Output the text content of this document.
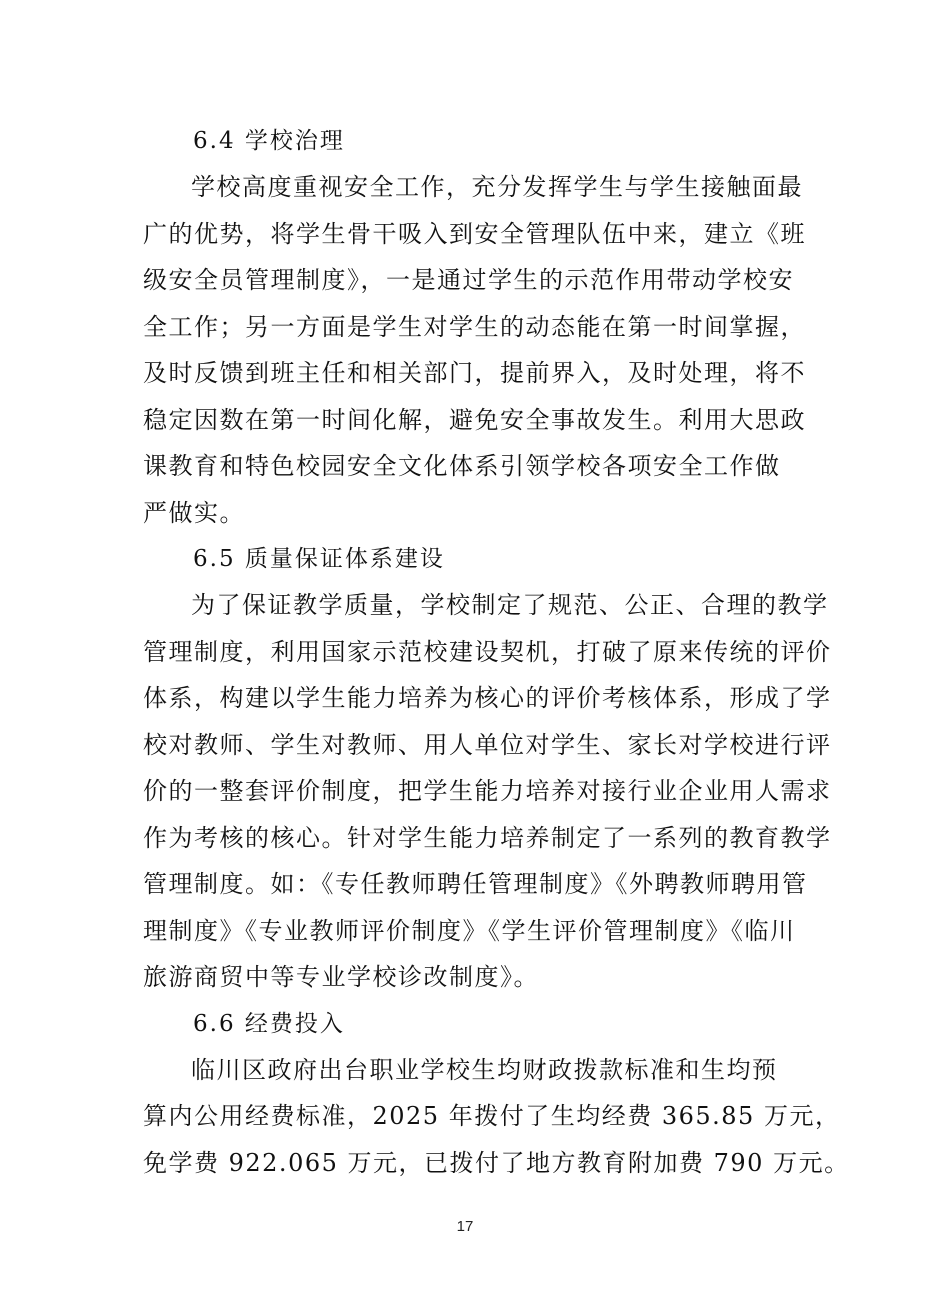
6.4 学校治理

学校高度重视安全工作，充分发挥学生与学生接触面最

广的优势，将学生骨干吸入到安全管理队伍中来，建立《班

级安全员管理制度》，一是通过学生的示范作用带动学校安

全工作；另一方面是学生对学生的动态能在第一时间掌握，

及时反馈到班主任和相关部门，提前界入，及时处理，将不

稳定因数在第一时间化解，避免安全事故发生。利用大思政

课教育和特色校园安全文化体系引领学校各项安全工作做

严做实。

6.5 质量保证体系建设

为了保证教学质量，学校制定了规范、公正、合理的教学

管理制度，利用国家示范校建设契机，打破了原来传统的评价

体系，构建以学生能力培养为核心的评价考核体系，形成了学

校对教师、学生对教师、用人单位对学生、家长对学校进行评

价的一整套评价制度，把学生能力培养对接行业企业用人需求

作为考核的核心。针对学生能力培养制定了一系列的教育教学

管理制度。如：《专任教师聘任管理制度》《外聘教师聘用管

理制度》《专业教师评价制度》《学生评价管理制度》《临川

旅游商贸中等专业学校诊改制度》。

6.6 经费投入

临川区政府出台职业学校生均财政拨款标准和生均预

算内公用经费标准，2025 年拨付了生均经费 365.85 万元，

免学费 922.065 万元，已拨付了地方教育附加费 790 万元。

17
